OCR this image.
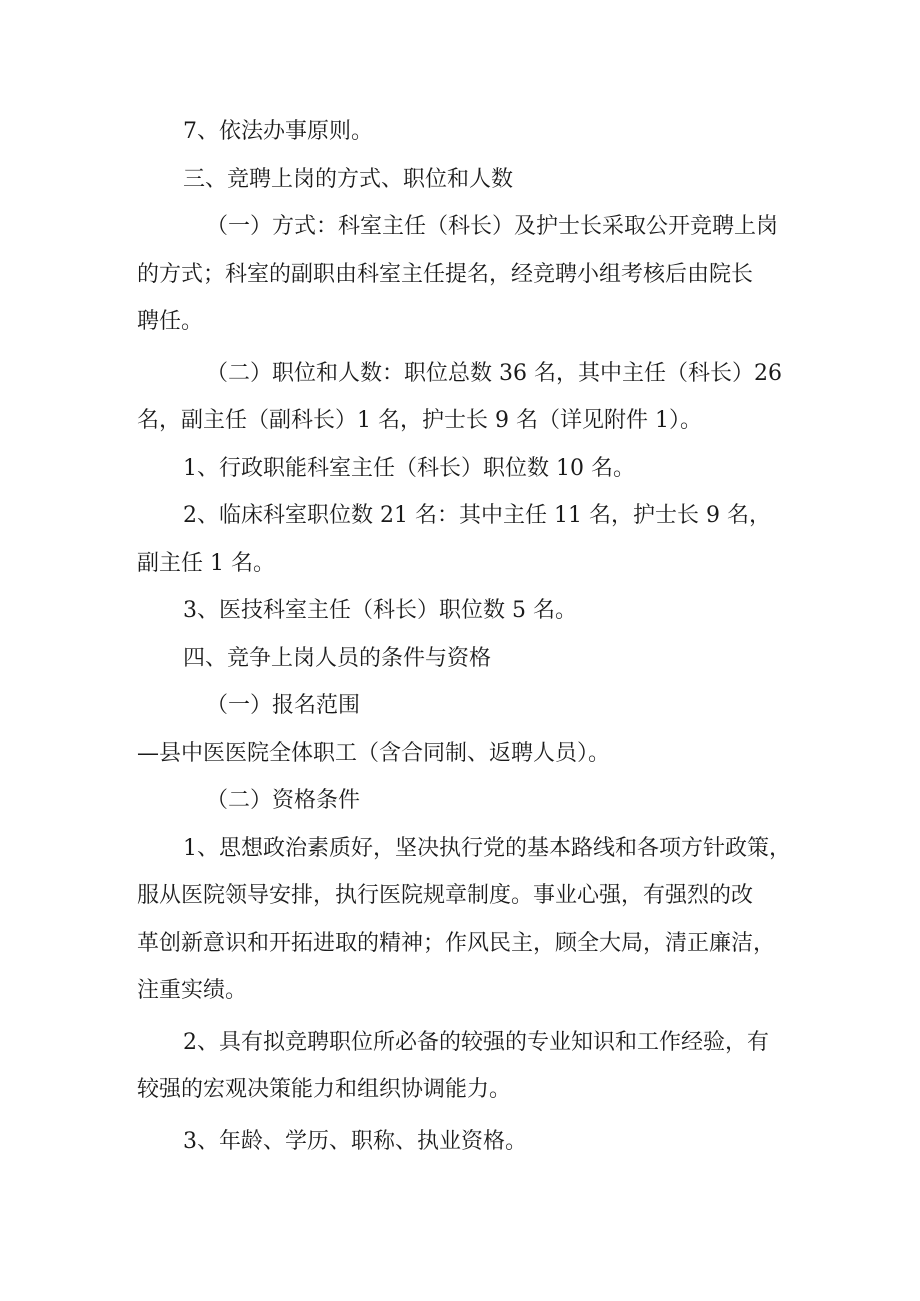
7、依法办事原则。

三、竞聘上岗的方式、职位和人数

（一）方式：科室主任（科长）及护士长采取公开竞聘上岗

的方式；科室的副职由科室主任提名，经竞聘小组考核后由院长

聘任。

（二）职位和人数：职位总数 36 名，其中主任（科长）26

名，副主任（副科长）1 名，护士长 9 名（详见附件 1）。

1、行政职能科室主任（科长）职位数 10 名。

2、临床科室职位数 21 名：其中主任 11 名，护士长 9 名，

副主任 1 名。

3、医技科室主任（科长）职位数 5 名。

四、竞争上岗人员的条件与资格

（一）报名范围

—县中医医院全体职工（含合同制、返聘人员）。

（二）资格条件

1、思想政治素质好，坚决执行党的基本路线和各项方针政策，

服从医院领导安排，执行医院规章制度。事业心强，有强烈的改

革创新意识和开拓进取的精神；作风民主，顾全大局，清正廉洁，

注重实绩。

2、具有拟竞聘职位所必备的较强的专业知识和工作经验，有

较强的宏观决策能力和组织协调能力。

3、年龄、学历、职称、执业资格。
